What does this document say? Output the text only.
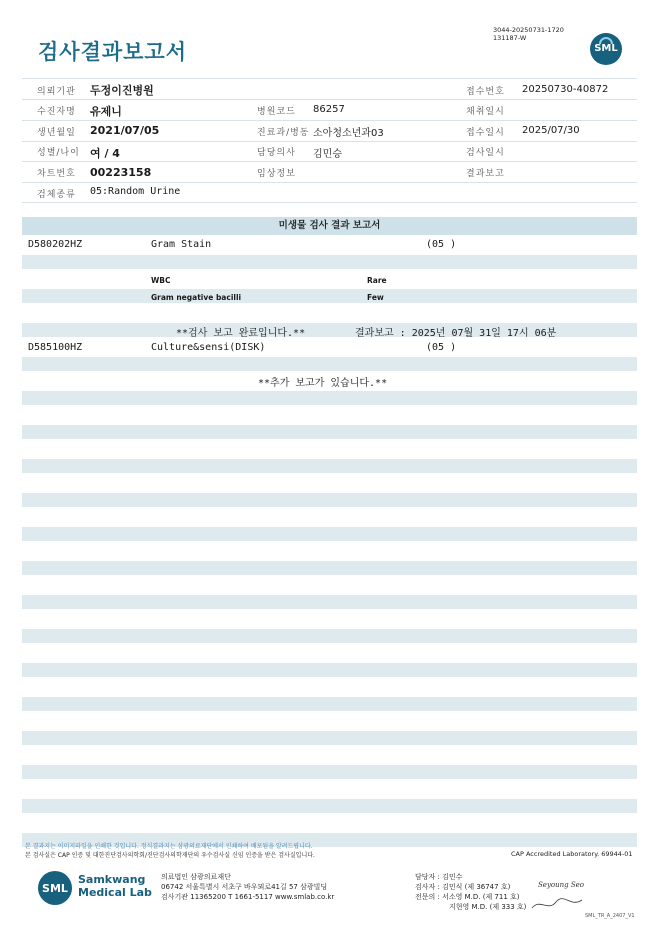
검사결과보고서
3044-20250731-1720
131187-W
SML
의뢰기관 두정이진병원	접수번호 20250730-40872
수진자명 유제니	병원코드 86257	채취일시
생년월일 2021/07/05	진료과/병동 소아청소년과03	접수일시 2025/07/30
성별/나이 여 / 4	담당의사 김민승	검사일시
차트번호 00223158	임상정보	결과보고
검체종류 05:Random Urine
미생물 검사 결과 보고서
D580202HZ	Gram Stain	(05 )
WBC	Rare
Gram negative bacilli	Few
**검사 보고 완료입니다.**	결과보고 : 2025년 07월 31일 17시 06분
D585100HZ	Culture&sensi(DISK)	(05 )
**추가 보고가 있습니다.**
본 결과지는 이미지파일을 인쇄한 것입니다. 정식결과지는 삼광의료재단에서 인쇄하여 배포됨을 알려드립니다.
본 검사실은 CAP 인증 및 대한진단검사의학회/진단검사의학재단의 우수검사실 신임 인증을 받은 검사실입니다.	CAP Accredited Laboratory. 69944-01
SML
Samkwang
Medical Lab
의료법인 삼광의료재단
06742 서울특별시 서초구 바우뫼로41길 57 삼광빌딩
검사기관 11365200 T 1661-5117 www.smlab.co.kr
담당자 : 김민수
검사자 : 김민식 (제 36747 호)
전문의 : 서소영 M.D. (제 711 호)
지현영 M.D. (제 333 호)
Seyoung Seo
SML_TR_A_2407_V1
